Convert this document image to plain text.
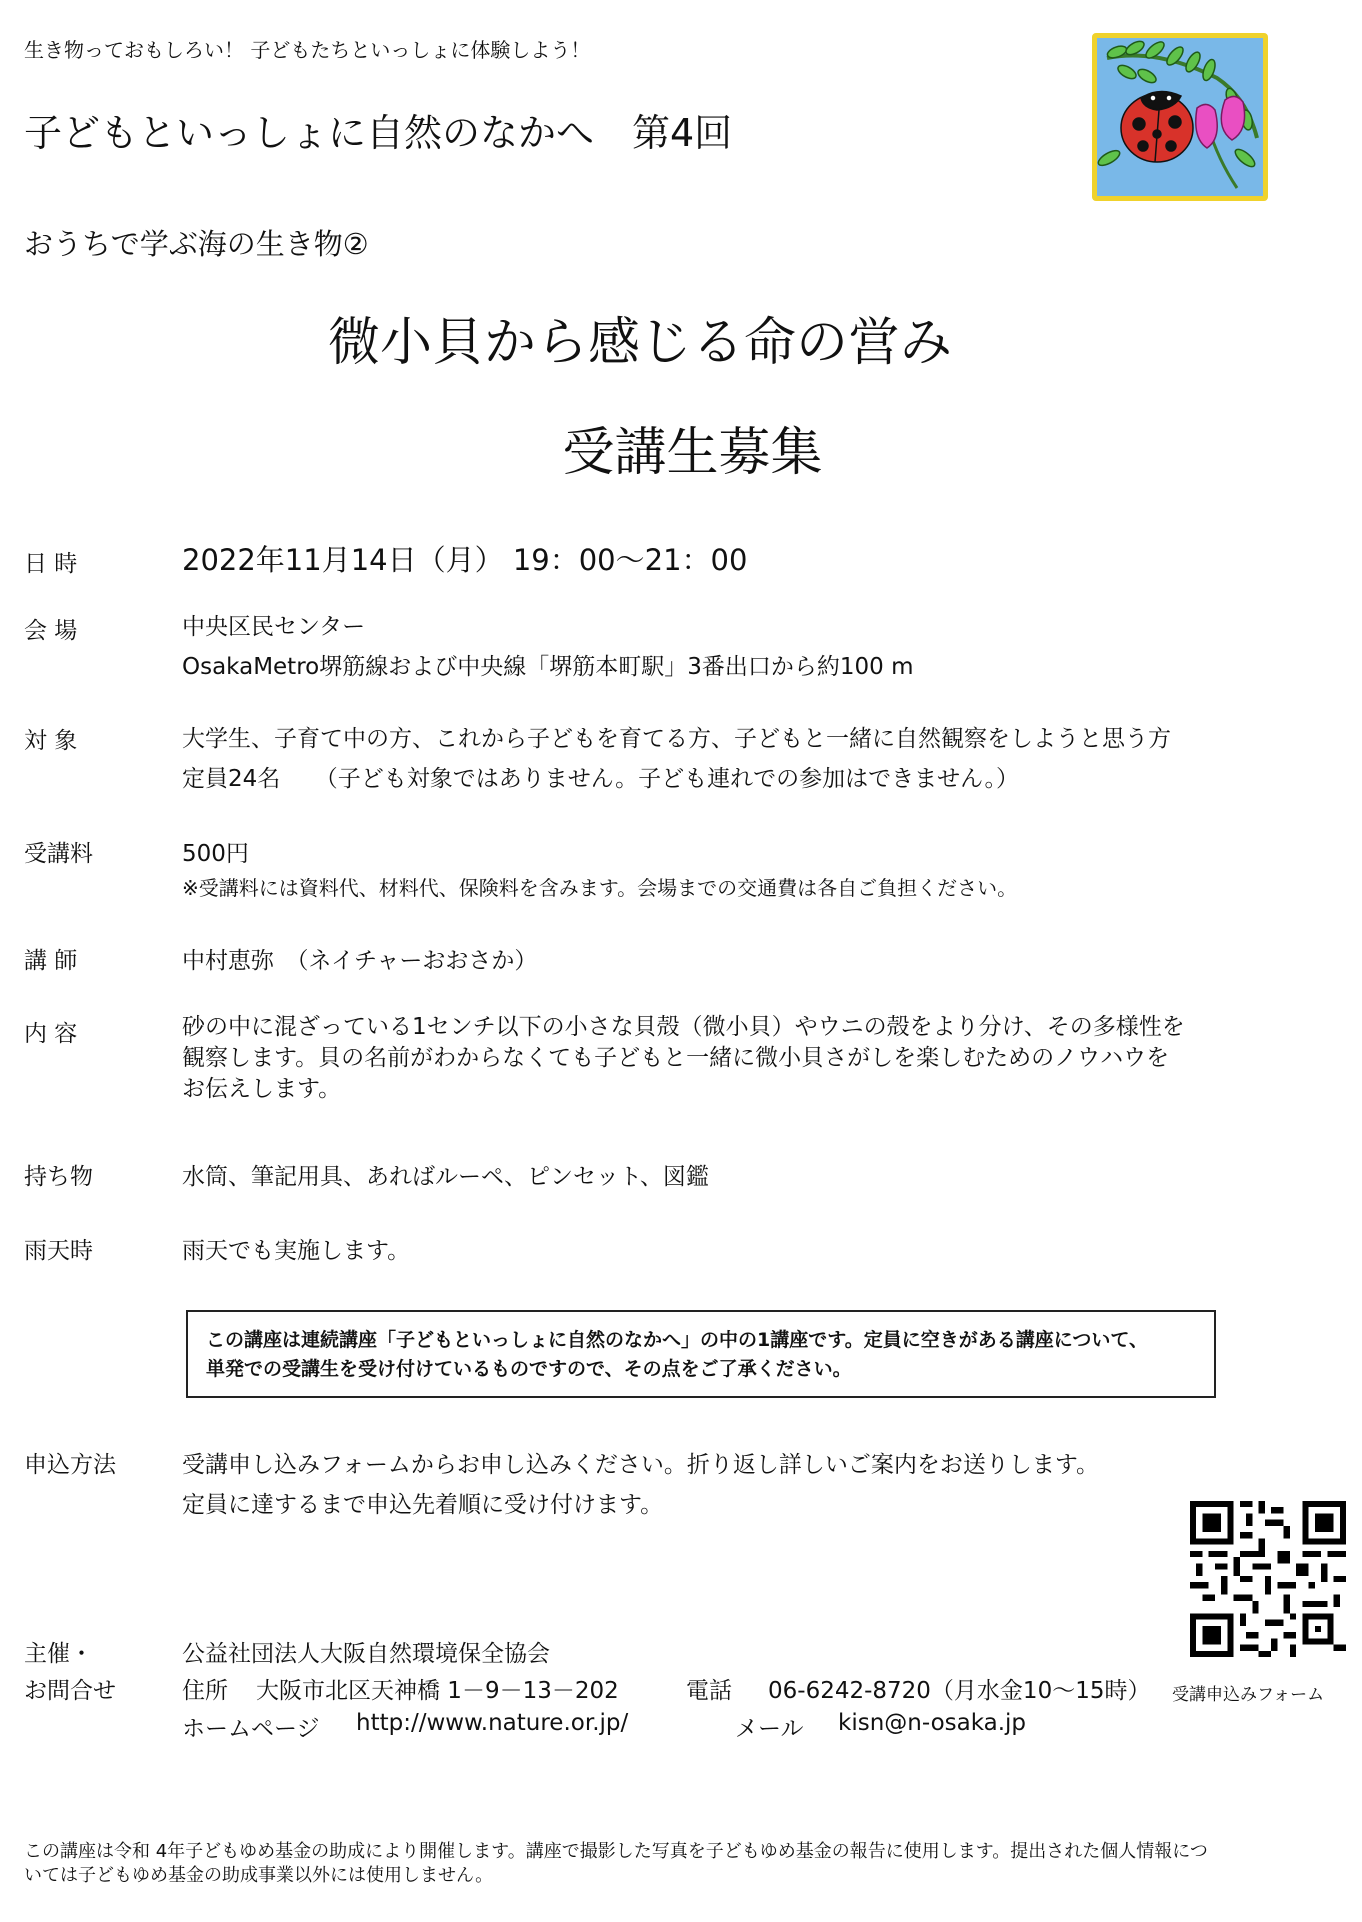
生き物っておもしろい！ 子どもたちといっしょに体験しよう！
子どもといっしょに自然のなかへ　第4回
おうちで学ぶ海の生き物②
微小貝から感じる命の営み
受講生募集
日 時	2022年11月14日（月） 19：00～21：00
会 場	中央区民センター
OsakaMetro堺筋線および中央線「堺筋本町駅」3番出口から約100 m
対 象	大学生、子育て中の方、これから子どもを育てる方、子どもと一緒に自然観察をしようと思う方
定員24名　　（子ども対象ではありません。子ども連れでの参加はできません。）
受講料	500円
※受講料には資料代、材料代、保険料を含みます。会場までの交通費は各自ご負担ください。
講 師	中村恵弥　（ネイチャーおおさか）
内 容	砂の中に混ざっている1センチ以下の小さな貝殻（微小貝）やウニの殻をより分け、その多様性を
観察します。貝の名前がわからなくても子どもと一緒に微小貝さがしを楽しむためのノウハウを
お伝えします。
持ち物	水筒、筆記用具、あればルーペ、ピンセット、図鑑
雨天時	雨天でも実施します。
この講座は連続講座「子どもといっしょに自然のなかへ」の中の1講座です。定員に空きがある講座について、
単発での受講生を受け付けているものですので、その点をご了承ください。
申込方法	受講申し込みフォームからお申し込みください。折り返し詳しいご案内をお送りします。
定員に達するまで申込先着順に受け付けます。
受講申込みフォーム
主催・
お問合せ
公益社団法人大阪自然環境保全協会
住所 大阪市北区天神橋 1－9－13－202	電話 06-6242-8720（月水金10～15時）
ホームページ http://www.nature.or.jp/	メール kisn@n-osaka.jp
この講座は令和 4年子どもゆめ基金の助成により開催します。講座で撮影した写真を子どもゆめ基金の報告に使用します。提出された個人情報につ
いては子どもゆめ基金の助成事業以外には使用しません。
